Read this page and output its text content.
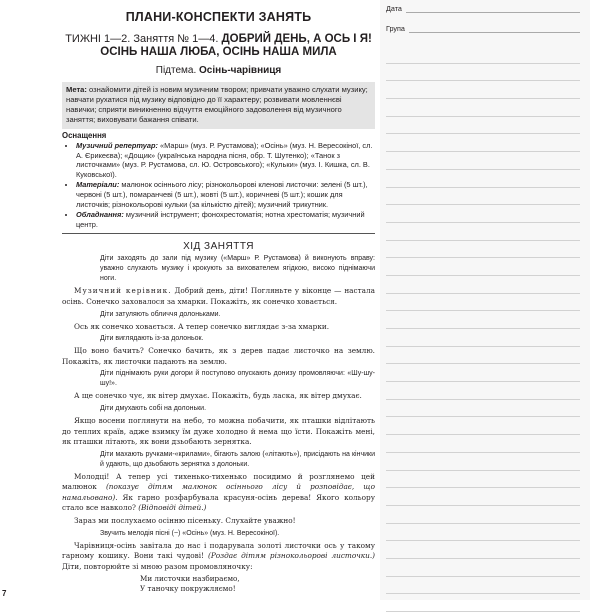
ПЛАНИ-КОНСПЕКТИ ЗАНЯТЬ
ТИЖНІ 1—2. Заняття № 1—4. ДОБРИЙ ДЕНЬ, А ОСЬ І Я!
ОСІНЬ НАША ЛЮБА, ОСІНЬ НАША МИЛА
Підтема. Осінь-чарівниця
Мета: ознайомити дітей із новим музичним твором; привчати уважно слухати музику; навчати рухатися під музику відповідно до її характеру; розвивати мовленнєві навички; сприяти виникненню відчуття емоційного задоволення від музичного заняття; виховувати бажання співати.
Оснащення
• Музичний репертуар: «Марш» (муз. Р. Рустамова); «Осінь» (муз. Н. Вересокіної, сл. А. Єрикеєва); «Дощик» (українська народна пісня, обр. Т. Шутенко); «Танок з листочками» (муз. Р. Рустамова, сл. Ю. Островського); «Кульки» (муз. І. Кишка, сл. В. Куковської).
• Матеріали: малюнок осіннього лісу; різнокольорові кленові листочки: зелені (5 шт.), червоні (5 шт.), помаранчеві (5 шт.), жовті (5 шт.), коричневі (5 шт.); кошик для листочків; різнокольорові кульки (за кількістю дітей); музичний трикутник.
• Обладнання: музичний інструмент; фонохрестоматія; нотна хрестоматія; музичний центр.
ХІД ЗАНЯТТЯ
Діти заходять до зали під музику («Марш» Р. Рустамова) й виконують вправу: уважно слухають музику і крокують за вихователем ягідкою, високо піднімаючи ноги.
Музичний керівник. Добрий день, діти! Погляньте у віконце — настала осінь. Сонечко заховалося за хмарки. Покажіть, як сонечко ховається.
Діти затуляють обличчя долоньками.
Ось як сонечко ховається. А тепер сонечко виглядає з-за хмарки.
Діти виглядають із-за долоньок.
Що воно бачить? Сонечко бачить, як з дерев падає листочко на землю. Покажіть, як листочки падають на землю.
Діти піднімають руки догори й поступово опускають донизу промовляючи: «Шу-шу-шу!».
А ще сонечко чує, як вітер дмухає. Покажіть, будь ласка, як вітер дмухає.
Діти дмухають собі на долоньки.
Якщо восени поглянути на небо, то можна побачити, як пташки відлітають до теплих країв, адже взимку їм дуже холодно й нема що їсти. Покажіть мені, як пташки літають, як вони дзьобають зернятка.
Діти махають ручками-«крилами», бігають залою («літають»), присідають на кінчики й удають, що дзьобають зернятка з долоньки.
Молодці! А тепер усі тихенько-тихенько посидимо й розглянемо цей малюнок (показує дітям малюнок осіннього лісу й розповідає, що намальовано). Як гарно розфарбувала красуня-осінь дерева! Якого кольору стало все навколо? (Відповіді дітей.)
Зараз ми послухаємо осінню пісеньку. Слухайте уважно!
Звучить мелодія пісні (~) «Осінь» (муз. Н. Вересокіної).
Чарівниця-осінь завітала до нас і подарувала золоті листочки ось у такому гарному кошику. Вони такі чудові! (Роздає дітям різнокольорові листочки.) Діти, повторюйте зі мною разом промовляночку:
Ми листочки назбираємо,
У таночку покружляємо!
Дата
Група
7
